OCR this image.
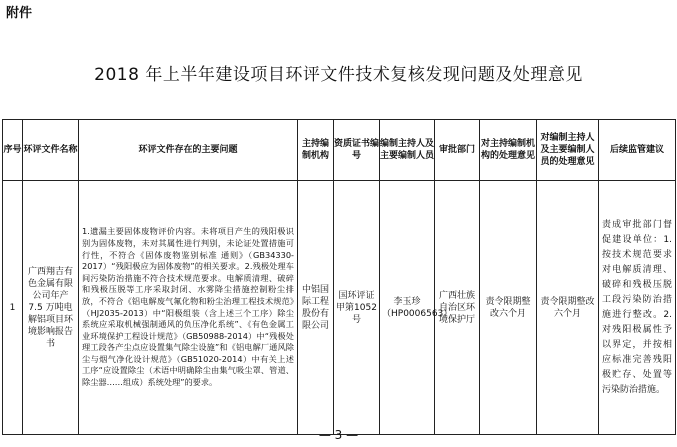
附件
2018 年上半年建设项目环评文件技术复核发现问题及处理意见
序号	环评文件名称	环评文件存在的主要问题	主持编制机构	资质证书编号	编制主持人及主要编制人员	审批部门	对主持编制机构的处理意见	对编制主持人及主要编制人员的处理意见	后续监管建议
1	广西翔吉有色金属有限公司年产 7.5 万吨电解铝项目环境影响报告书	1.遗漏主要固体废物评价内容。未将项目产生的残阳极识别为固体废物，未对其属性进行判别，未论证处置措施可行性，不符合《固体废物鉴别标准 通则》（GB34330-2017）“残阳极应为固体废物”的相关要求。2.残极处理车间污染防治措施不符合技术规范要求。电解质清理、破碎和残极压脱等工序采取封闭、水雾降尘措施控制粉尘排放，不符合《铝电解废气氟化物和粉尘治理工程技术规范》（HJ2035-2013）中“阳极组装（含上述三个工序）除尘系统应采取机械强制通风的负压净化系统”、《有色金属工业环境保护工程设计规范》（GB50988-2014）中“残极处理工段各产尘点应设置集气除尘设施”和《铝电解厂通风除尘与烟气净化设计规范》（GB51020-2014）中有关上述工序“应设置除尘（术语中明确除尘由集气吸尘罩、管道、除尘器……组成）系统处理”的要求。	中铝国际工程股份有限公司	国环评证甲第1052号	李玉珍（HP0006563）	广西壮族自治区环境保护厅	责令限期整改六个月	责令限期整改六个月	责成审批部门督促建设单位：1.按技术规范要求对电解质清理、破碎和残极压脱工段污染防治措施进行整改。2.对残阳极属性予以界定，并按相应标准完善残阳极贮存、处置等污染防治措施。
— 3 —
